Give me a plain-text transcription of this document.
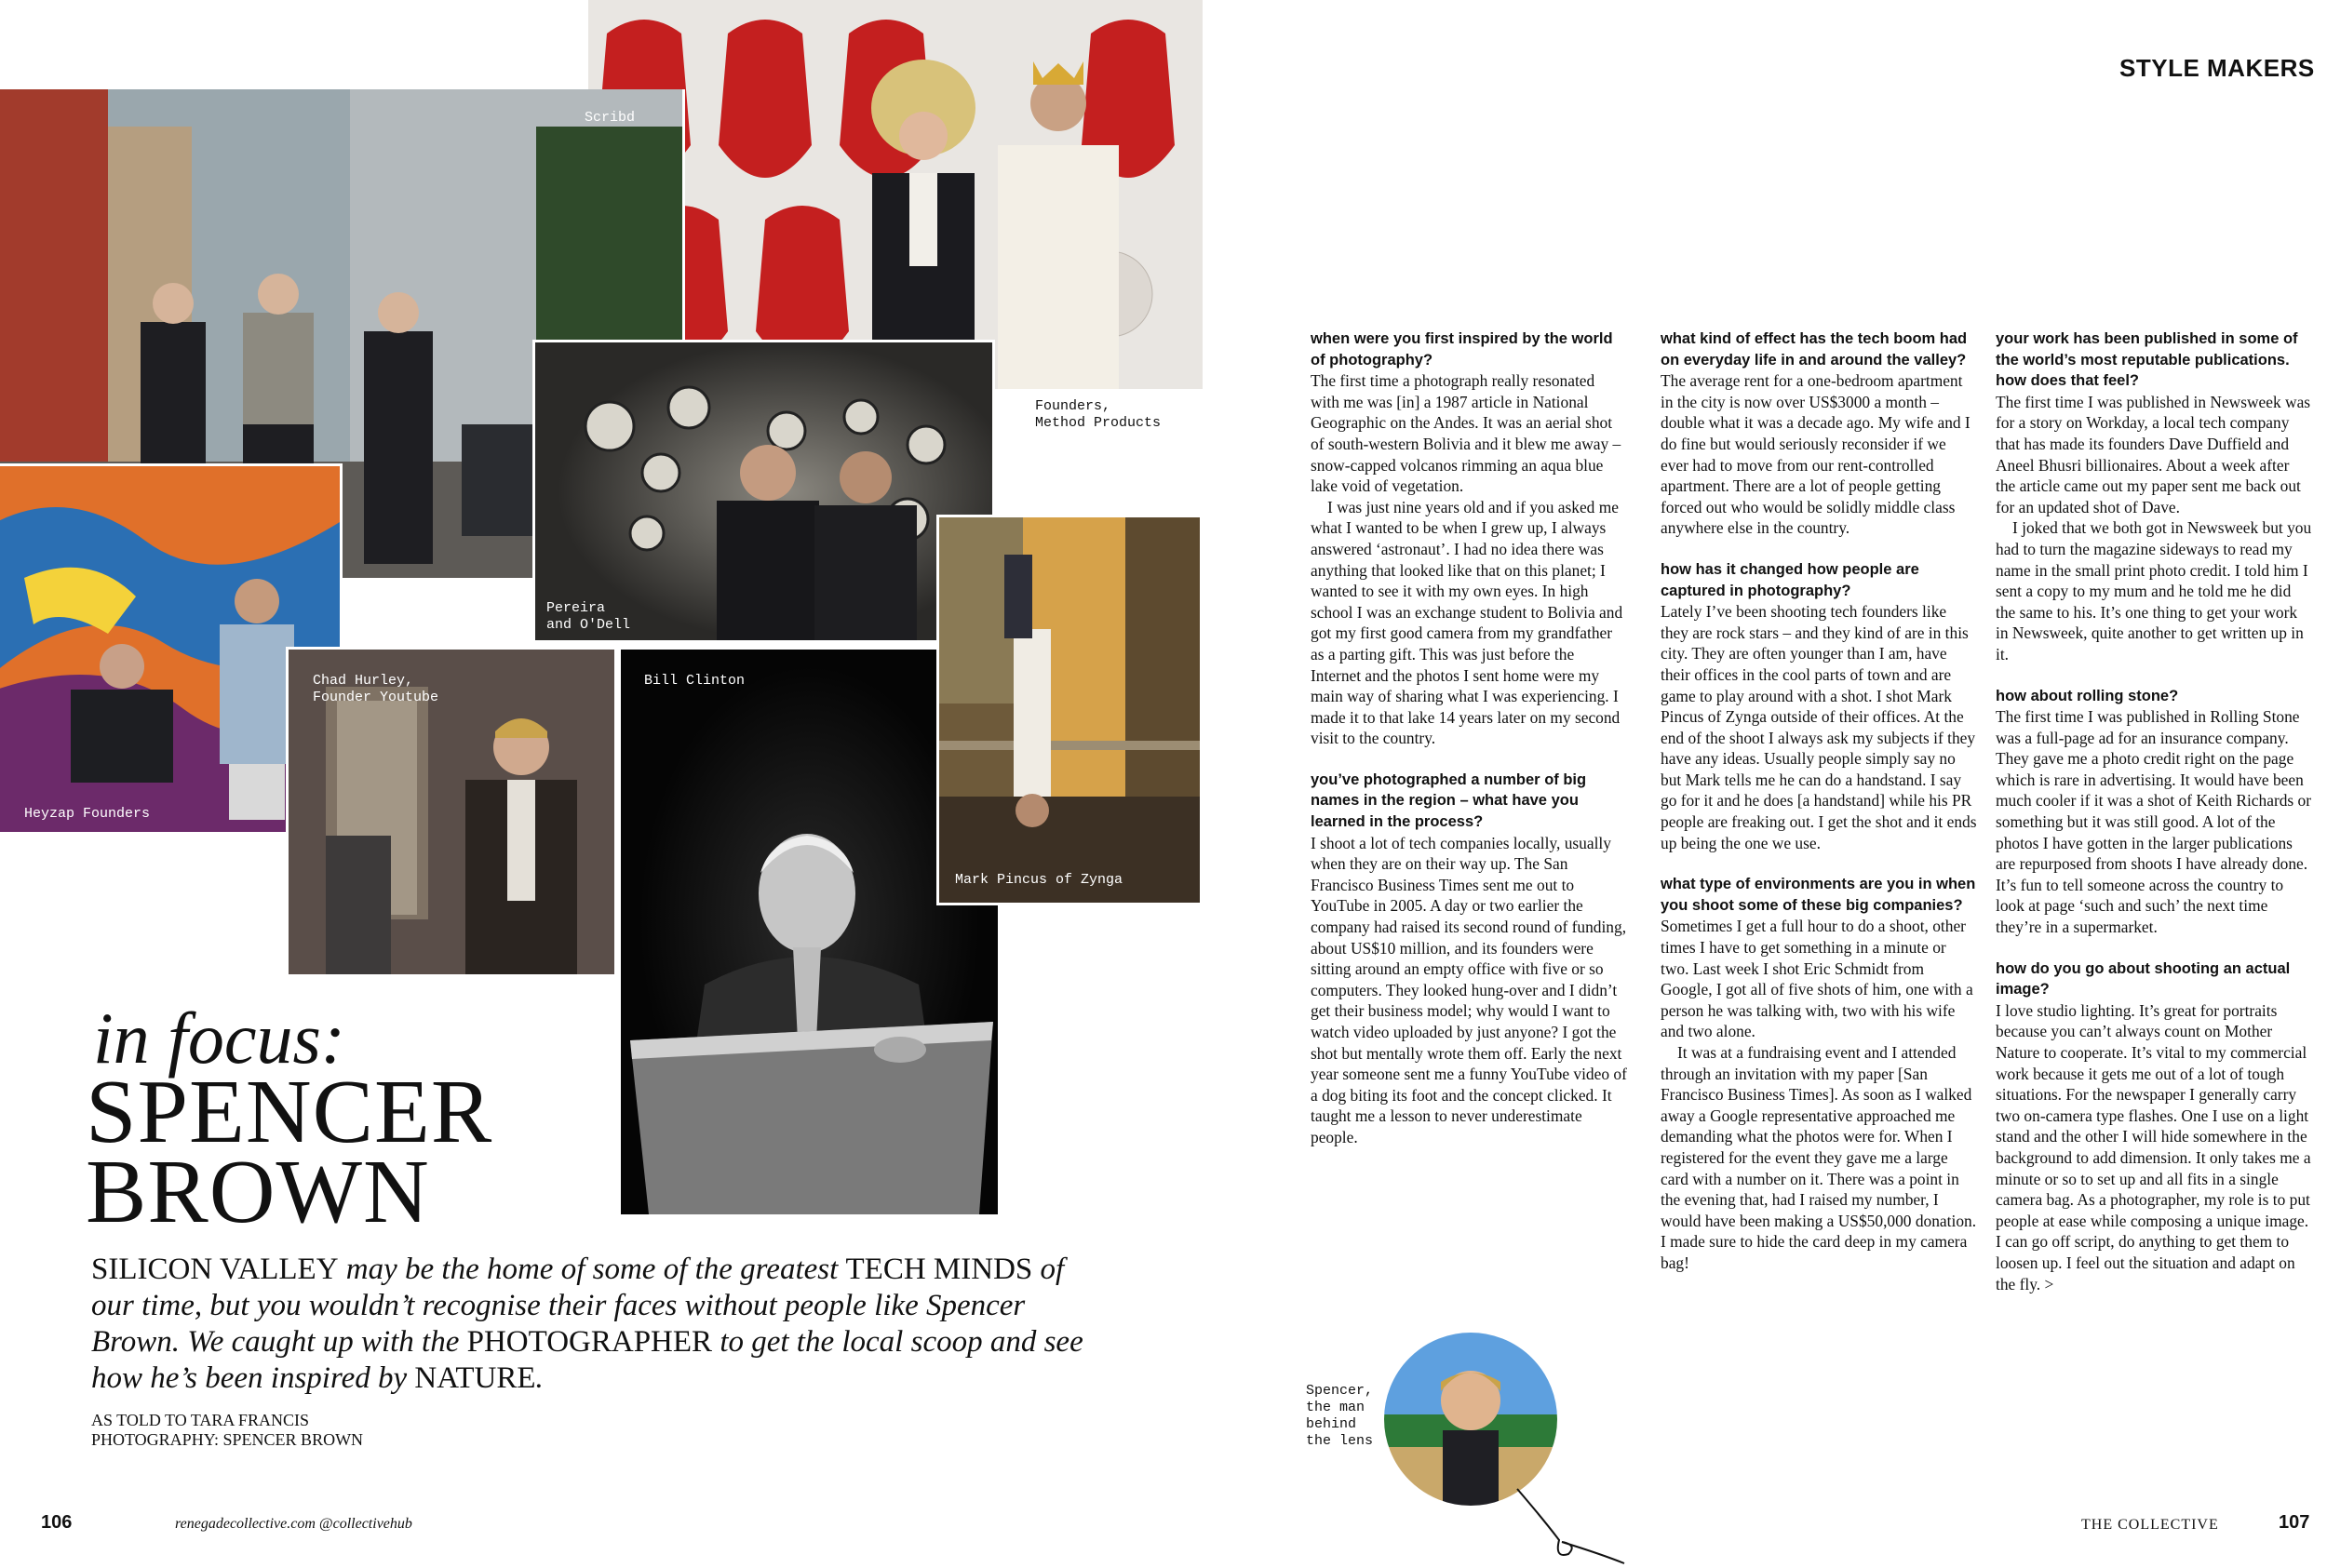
Founders,
Method Products
Scribd
Pereira
and O'Dell
Heyzap Founders
Chad Hurley,
Founder Youtube
Bill Clinton
Mark Pincus of Zynga
in focus:
SPENCER
BROWN
SILICON VALLEY may be the home of some of the greatest TECH MINDS of our time, but you wouldn’t recognise their faces without people like Spencer Brown. We caught up with the PHOTOGRAPHER to get the local scoop and see how he’s been inspired by NATURE.
AS TOLD TO TARA FRANCIS
PHOTOGRAPHY: SPENCER BROWN
106	renegadecollective.com @collectivehub
STYLE MAKERS
when were you first inspired by the world of photography?
The first time a photograph really resonated with me was [in] a 1987 article in National Geographic on the Andes. It was an aerial shot of south-western Bolivia and it blew me away – snow-capped volcanos rimming an aqua blue lake void of vegetation.
I was just nine years old and if you asked me what I wanted to be when I grew up, I always answered ‘astronaut’. I had no idea there was anything that looked like that on this planet; I wanted to see it with my own eyes. In high school I was an exchange student to Bolivia and got my first good camera from my grandfather as a parting gift. This was just before the Internet and the photos I sent home were my main way of sharing what I was experiencing. I made it to that lake 14 years later on my second visit to the country.
you’ve photographed a number of big names in the region – what have you learned in the process?
I shoot a lot of tech companies locally, usually when they are on their way up. The San Francisco Business Times sent me out to YouTube in 2005. A day or two earlier the company had raised its second round of funding, about US$10 million, and its founders were sitting around an empty office with five or so computers. They looked hung-over and I didn’t get their business model; why would I want to watch video uploaded by just anyone? I got the shot but mentally wrote them off. Early the next year someone sent me a funny YouTube video of a dog biting its foot and the concept clicked. It taught me a lesson to never underestimate people.
what kind of effect has the tech boom had on everyday life in and around the valley?
The average rent for a one-bedroom apartment in the city is now over US$3000 a month – double what it was a decade ago. My wife and I do fine but would seriously reconsider if we ever had to move from our rent-controlled apartment. There are a lot of people getting forced out who would be solidly middle class anywhere else in the country.
how has it changed how people are captured in photography?
Lately I’ve been shooting tech founders like they are rock stars – and they kind of are in this city. They are often younger than I am, have their offices in the cool parts of town and are game to play around with a shot. I shot Mark Pincus of Zynga outside of their offices. At the end of the shoot I always ask my subjects if they have any ideas. Usually people simply say no but Mark tells me he can do a handstand. I say go for it and he does [a handstand] while his PR people are freaking out. I get the shot and it ends up being the one we use.
what type of environments are you in when you shoot some of these big companies?
Sometimes I get a full hour to do a shoot, other times I have to get something in a minute or two. Last week I shot Eric Schmidt from Google, I got all of five shots of him, one with a person he was talking with, two with his wife and two alone.
It was at a fundraising event and I attended through an invitation with my paper [San Francisco Business Times]. As soon as I walked away a Google representative approached me demanding what the photos were for. When I registered for the event they gave me a large card with a number on it. There was a point in the evening that, had I raised my number, I would have been making a US$50,000 donation. I made sure to hide the card deep in my camera bag!
your work has been published in some of the world’s most reputable publications. how does that feel?
The first time I was published in Newsweek was for a story on Workday, a local tech company that has made its founders Dave Duffield and Aneel Bhusri billionaires. About a week after the article came out my paper sent me back out for an updated shot of Dave.
I joked that we both got in Newsweek but you had to turn the magazine sideways to read my name in the small print photo credit. I told him I sent a copy to my mum and he told me he did the same to his. It’s one thing to get your work in Newsweek, quite another to get written up in it.
how about rolling stone?
The first time I was published in Rolling Stone was a full-page ad for an insurance company. They gave me a photo credit right on the page which is rare in advertising. It would have been much cooler if it was a shot of Keith Richards or something but it was still good. A lot of the photos I have gotten in the larger publications are repurposed from shoots I have already done. It’s fun to tell someone across the country to look at page ‘such and such’ the next time they’re in a supermarket.
how do you go about shooting an actual image?
I love studio lighting. It’s great for portraits because you can’t always count on Mother Nature to cooperate. It’s vital to my commercial work because it gets me out of a lot of tough situations. For the newspaper I generally carry two on-camera type flashes. One I use on a light stand and the other I will hide somewhere in the background to add dimension. It only takes me a minute or so to set up and all fits in a single camera bag. As a photographer, my role is to put people at ease while composing a unique image. I can go off script, do anything to get them to loosen up. I feel out the situation and adapt on the fly. >
Spencer,
the man
behind
the lens
THE COLLECTIVE	107
